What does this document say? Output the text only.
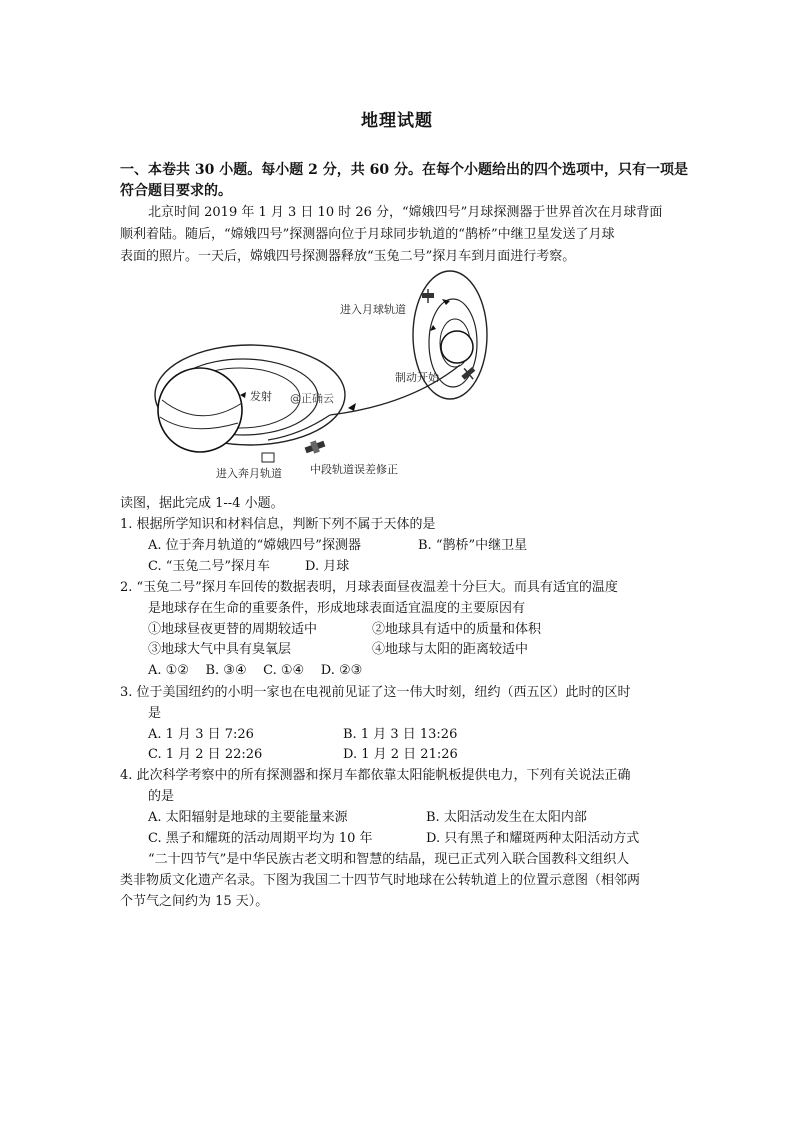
地理试题
一、本卷共 30 小题。每小题 2 分，共 60 分。在每个小题给出的四个选项中，只有一项是
符合题目要求的。
北京时间 2019 年 1 月 3 日 10 时 26 分，“嫦娥四号”月球探测器于世界首次在月球背面
顺利着陆。随后，“嫦娥四号”探测器向位于月球同步轨道的“鹊桥”中继卫星发送了月球
表面的照片。一天后，嫦娥四号探测器释放“玉兔二号”探月车到月面进行考察。
进入月球轨道
制动开始
发射 @正确云
进入奔月轨道	中段轨道误差修正
读图，据此完成 1--4 小题。
1. 根据所学知识和材料信息，判断下列不属于天体的是
A. 位于奔月轨道的“嫦娥四号”探测器	B. “鹊桥”中继卫星
C. “玉兔二号”探月车	D. 月球
2. “玉兔二号”探月车回传的数据表明，月球表面昼夜温差十分巨大。而具有适宜的温度
是地球存在生命的重要条件，形成地球表面适宜温度的主要原因有
①地球昼夜更替的周期较适中	②地球具有适中的质量和体积
③地球大气中具有臭氧层	④地球与太阳的距离较适中
A. ①②    B. ③④    C. ①④    D. ②③
3. 位于美国纽约的小明一家也在电视前见证了这一伟大时刻，纽约（西五区）此时的区时
是
A. 1 月 3 日 7:26	B. 1 月 3 日 13:26
C. 1 月 2 日 22:26	D. 1 月 2 日 21:26
4. 此次科学考察中的所有探测器和探月车都依靠太阳能帆板提供电力，下列有关说法正确
的是
A. 太阳辐射是地球的主要能量来源	B. 太阳活动发生在太阳内部
C. 黑子和耀斑的活动周期平均为 10 年	D. 只有黑子和耀斑两种太阳活动方式
“二十四节气”是中华民族古老文明和智慧的结晶，现已正式列入联合国教科文组织人
类非物质文化遗产名录。下图为我国二十四节气时地球在公转轨道上的位置示意图（相邻两
个节气之间约为 15 天）。
